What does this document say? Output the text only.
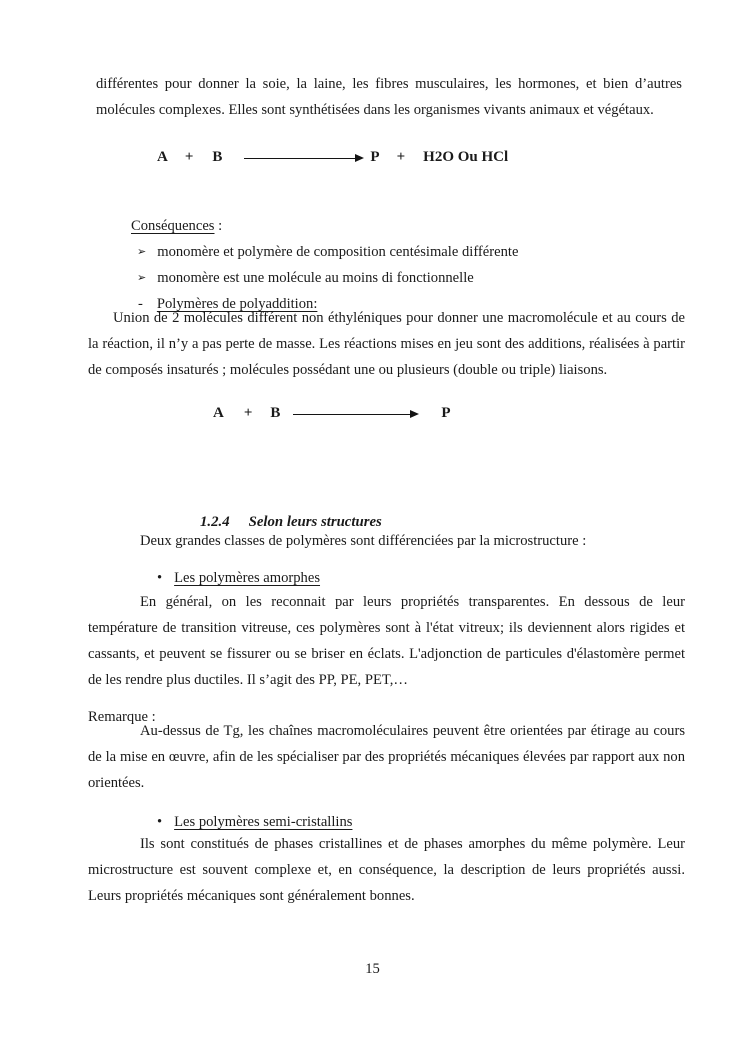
différentes pour donner la soie, la laine, les fibres musculaires, les hormones, et bien d’autres molécules complexes. Elles sont synthétisées dans les organismes vivants animaux et végétaux.

A + B	P + H2O Ou HCl
Conséquences :
➢ monomère et polymère de composition centésimale différente
➢ monomère est une molécule au moins di fonctionnelle
- Polymères de polyaddition:

Union de 2 molécules différent non éthyléniques pour donner une macromolécule et au cours de la réaction, il n’y a pas perte de masse. Les réactions mises en jeu sont des additions, réalisées à partir de composés insaturés ; molécules possédant une ou plusieurs (double ou triple) liaisons.

A + B	P
1.2.4 Selon leurs structures

Deux grandes classes de polymères sont différenciées par la microstructure :

• Les polymères amorphes

En général, on les reconnait par leurs propriétés transparentes. En dessous de leur température de transition vitreuse, ces polymères sont à l'état vitreux; ils deviennent alors rigides et cassants, et peuvent se fissurer ou se briser en éclats. L'adjonction de particules d'élastomère permet de les rendre plus ductiles. Il s’agit des PP, PE, PET,…

Remarque :

Au-dessus de Tg, les chaînes macromoléculaires peuvent être orientées par étirage au cours de la mise en œuvre, afin de les spécialiser par des propriétés mécaniques élevées par rapport aux non orientées.

• Les polymères semi-cristallins

Ils sont constitués de phases cristallines et de phases amorphes du même polymère. Leur microstructure est souvent complexe et, en conséquence, la description de leurs propriétés aussi. Leurs propriétés mécaniques sont généralement bonnes.

15
